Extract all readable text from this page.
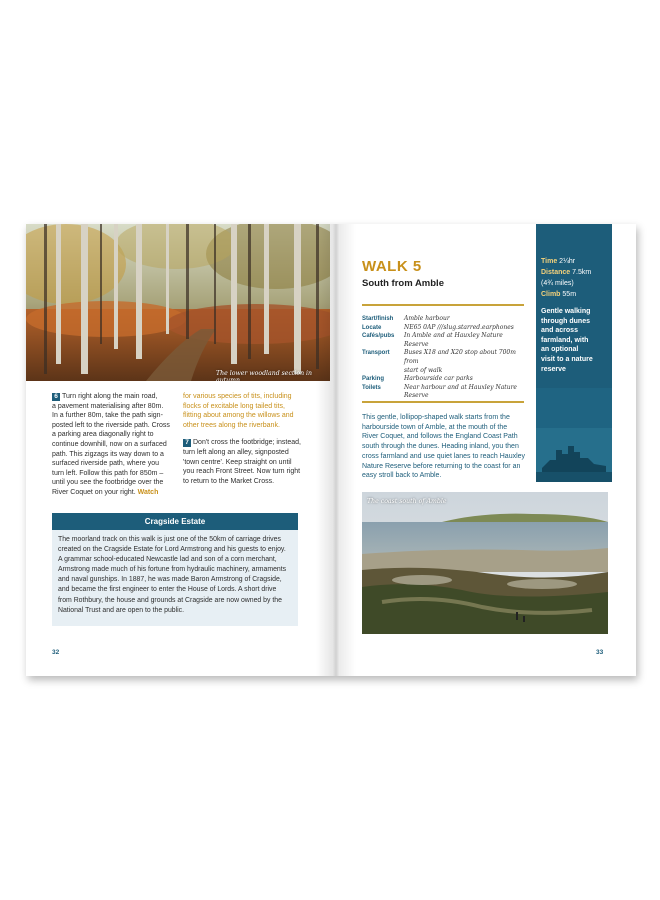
The lower woodland section in autumn
6 Turn right along the main road,
a pavement materialising after 80m.
In a further 80m, take the path sign-
posted left to the riverside path. Cross
a parking area diagonally right to
continue downhill, now on a surfaced
path. This zigzags its way down to a
surfaced riverside path, where you
turn left. Follow this path for 850m –
until you see the footbridge over the
River Coquet on your right. Watch
for various species of tits, including
flocks of excitable long tailed tits,
flitting about among the willows and
other trees along the riverbank.
7 Don't cross the footbridge; instead,
turn left along an alley, signposted
'town centre'. Keep straight on until
you reach Front Street. Now turn right
to return to the Market Cross.
Cragside Estate
The moorland track on this walk is just one of the 50km of carriage drives
created on the Cragside Estate for Lord Armstrong and his guests to enjoy.
A grammar school-educated Newcastle lad and son of a corn merchant,
Armstrong made much of his fortune from hydraulic machinery, armaments
and naval gunships. In 1887, he was made Baron Armstrong of Cragside,
and became the first engineer to enter the House of Lords. A short drive
from Rothbury, the house and grounds at Cragside are now owned by the
National Trust and are open to the public.
32
WALK 5
South from Amble
Start/finish	Amble harbour
Locate	NE65 0AP ///slug.starred.earphones
Cafés/pubs	In Amble and at Hauxley Nature Reserve
Transport	Buses X18 and X20 stop about 700m from
start of walk
Parking	Harbourside car parks
Toilets	Near harbour and at Hauxley Nature
Reserve
This gentle, lollipop-shaped walk starts from the
harbourside town of Amble, at the mouth of the
River Coquet, and follows the England Coast Path
south through the dunes. Heading inland, you then
cross farmland and use quiet lanes to reach Hauxley
Nature Reserve before returning to the coast for an
easy stroll back to Amble.
Time 2¼hr
Distance 7.5km
(4¾ miles)
Climb 55m
Gentle walking
through dunes
and across
farmland, with
an optional
visit to a nature
reserve
The coast south of Amble
33
